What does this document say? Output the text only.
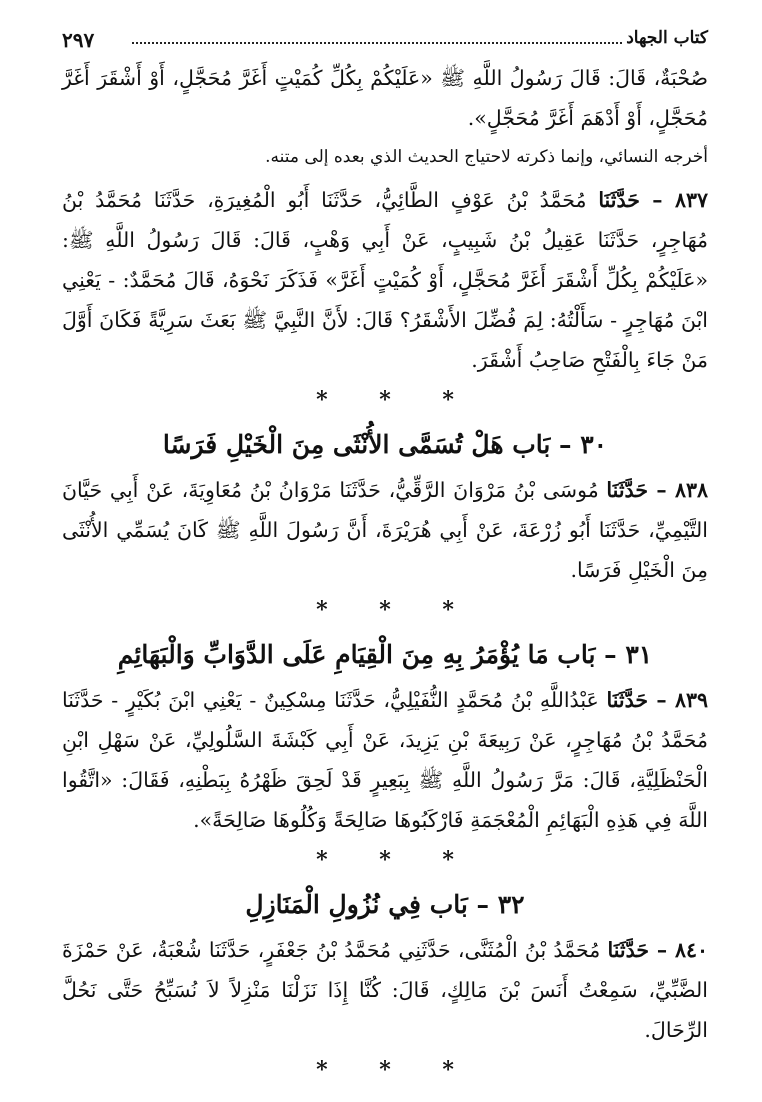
كتاب الجهاد
٢٩٧

صُحْبَةٌ، قَالَ: قَالَ رَسُولُ اللَّهِ ﷺ «عَلَيْكُمْ بِكُلِّ كُمَيْتٍ أَغَرَّ مُحَجَّلٍ، أَوْ أَشْقَرَ أَغَرَّ مُحَجَّلٍ، أَوْ أَدْهَمَ أَغَرَّ مُحَجَّلٍ».

أخرجه النسائي، وإنما ذكرته لاحتياج الحديث الذي بعده إلى متنه.

٨٣٧ – حَدَّثَنَا مُحَمَّدُ بْنُ عَوْفٍ الطَّائِيُّ، حَدَّثَنَا أَبُو الْمُغِيرَةِ، حَدَّثَنَا مُحَمَّدُ بْنُ مُهَاجِرٍ، حَدَّثَنَا عَقِيلُ بْنُ شَبِيبٍ، عَنْ أَبِي وَهْبٍ، قَالَ: قَالَ رَسُولُ اللَّهِ ﷺ: «عَلَيْكُمْ بِكُلِّ أَشْقَرَ أَغَرَّ مُحَجَّلٍ، أَوْ كُمَيْتٍ أَغَرَّ» فَذَكَرَ نَحْوَهُ، قَالَ مُحَمَّدٌ: - يَعْنِي ابْنَ مُهَاجِرٍ - سَأَلْتُهُ: لِمَ فُضِّلَ الأَشْقَرُ؟ قَالَ: لأَنَّ النَّبِيَّ ﷺ بَعَثَ سَرِيَّةً فَكَانَ أَوَّلَ مَنْ جَاءَ بِالْفَتْحِ صَاحِبُ أَشْقَرَ.

* * *
٣٠ – بَاب هَلْ تُسَمَّى الأُنْثَى مِنَ الْخَيْلِ فَرَسًا

٨٣٨ – حَدَّثَنَا مُوسَى بْنُ مَرْوَانَ الرَّقِّيُّ، حَدَّثَنَا مَرْوَانُ بْنُ مُعَاوِيَةَ، عَنْ أَبِي حَيَّانَ التَّيْمِيِّ، حَدَّثَنَا أَبُو زُرْعَةَ، عَنْ أَبِي هُرَيْرَةَ، أَنَّ رَسُولَ اللَّهِ ﷺ كَانَ يُسَمِّي الأُنْثَى مِنَ الْخَيْلِ فَرَسًا.

* * *
٣١ – بَاب مَا يُؤْمَرُ بِهِ مِنَ الْقِيَامِ عَلَى الدَّوَابِّ وَالْبَهَائِمِ

٨٣٩ – حَدَّثَنَا عَبْدُاللَّهِ بْنُ مُحَمَّدٍ النُّفَيْلِيُّ، حَدَّثَنَا مِسْكِينٌ - يَعْنِي ابْنَ بُكَيْرٍ - حَدَّثَنَا مُحَمَّدُ بْنُ مُهَاجِرٍ، عَنْ رَبِيعَةَ بْنِ يَزِيدَ، عَنْ أَبِي كَبْشَةَ السَّلُولِيِّ، عَنْ سَهْلِ ابْنِ الْحَنْظَلِيَّةِ، قَالَ: مَرَّ رَسُولُ اللَّهِ ﷺ بِبَعِيرٍ قَدْ لَحِقَ ظَهْرُهُ بِبَطْنِهِ، فَقَالَ: «اتَّقُوا اللَّهَ فِي هَذِهِ الْبَهَائِمِ الْمُعْجَمَةِ فَارْكَبُوهَا صَالِحَةً وَكُلُوهَا صَالِحَةً».

* * *
٣٢ – بَاب فِي نُزُولِ الْمَنَازِلِ

٨٤٠ – حَدَّثَنَا مُحَمَّدُ بْنُ الْمُثَنَّى، حَدَّثَنِي مُحَمَّدُ بْنُ جَعْفَرٍ، حَدَّثَنَا شُعْبَةُ، عَنْ حَمْزَةَ الضَّبِّيِّ، سَمِعْتُ أَنَسَ بْنَ مَالِكٍ، قَالَ: كُنَّا إِذَا نَزَلْنَا مَنْزِلاً لاَ نُسَبِّحُ حَتَّى نَحُلَّ الرِّحَالَ.

* * *
